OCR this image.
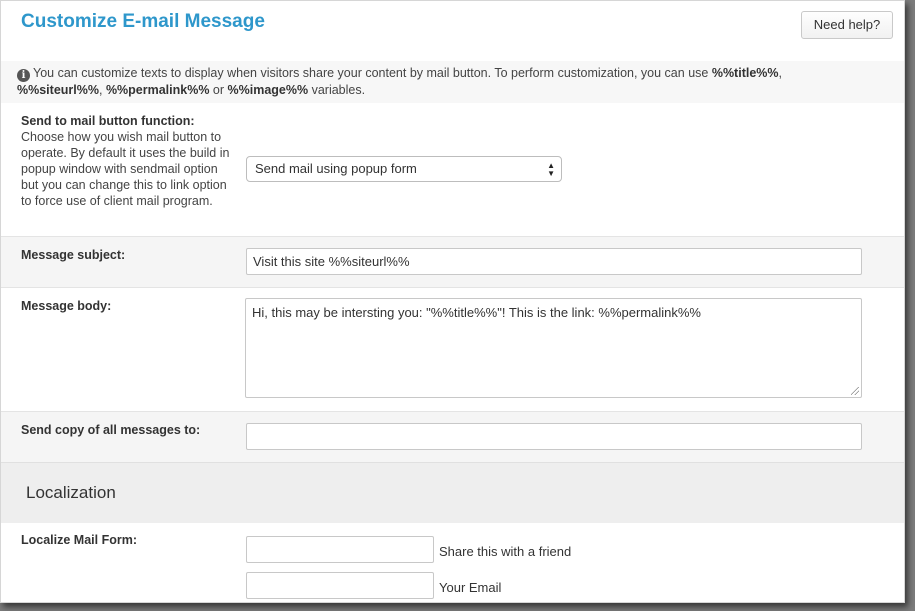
Customize E-mail Message	Need help?
i You can customize texts to display when visitors share your content by mail button. To perform customization, you can use %%title%%,
%%siteurl%%, %%permalink%% or %%image%% variables.
Send to mail button function:
Choose how you wish mail button to operate. By default it uses the build in popup window with sendmail option but you can change this to link option to force use of client mail program.
Send mail using popup form	▲
▼
Message subject:	Visit this site %%siteurl%%
Message body:	Hi, this may be intersting you: "%%title%%"! This is the link: %%permalink%%
Send copy of all messages to:
Localization
Localize Mail Form:
Share this with a friend
Your Email
